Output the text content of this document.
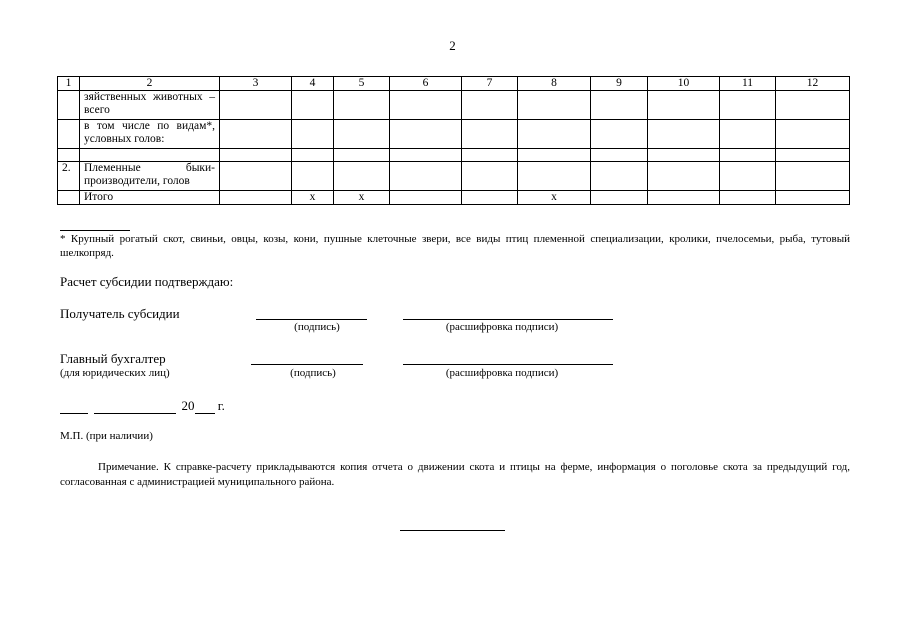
2
1	2	3	4	5	6	7	8	9	10	11	12
	зяйственных животных – всего										
	в том числе по видам*, условных голов:										

2.	Племенные быки-производители, голов										
	Итого		x	x			x				
* Крупный рогатый скот, свиньи, овцы, козы, кони, пушные клеточные звери, все виды птиц племенной специализации, кролики, пчелосемьи, рыба, тутовый шелкопряд.
Расчет субсидии подтверждаю:
Получатель субсидии
(подпись)	(расшифровка подписи)
Главный бухгалтер
(для юридических лиц)	(подпись)	(расшифровка подписи)
20 г.
М.П. (при наличии)
Примечание. К справке-расчету прикладываются копия отчета о движении скота и птицы на ферме, информация о поголовье скота за предыдущий год, согласованная с администрацией муниципального района.
